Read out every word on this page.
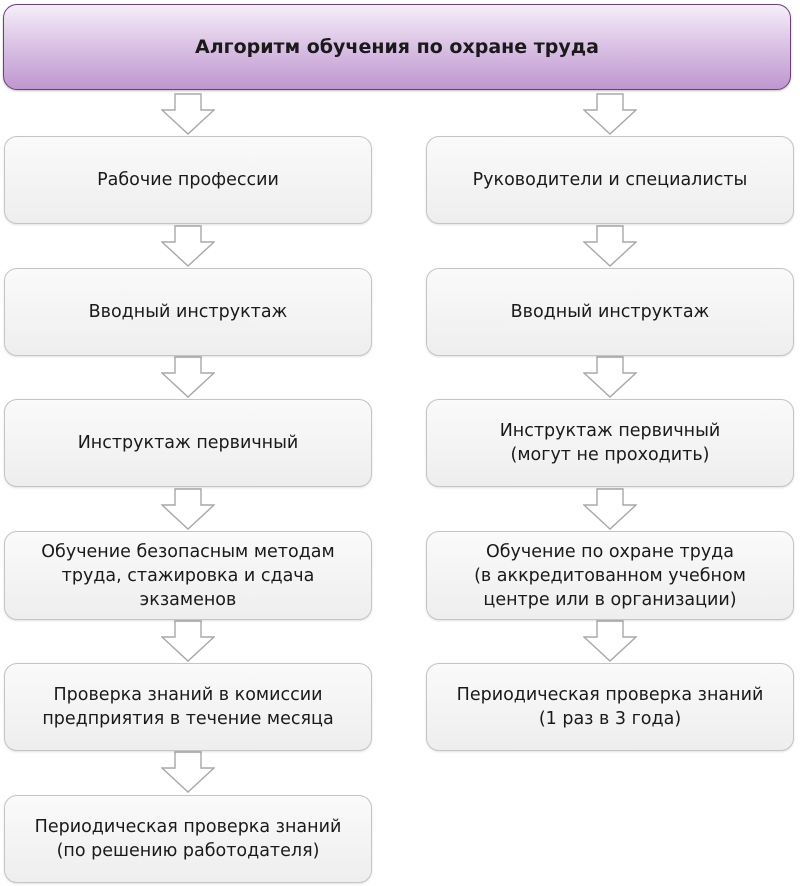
Алгоритм обучения по охране труда
Рабочие профессии
Вводный инструктаж
Инструктаж первичный
Обучение безопасным методам
труда, стажировка и сдача
экзаменов
Проверка знаний в комиссии
предприятия в течение месяца
Периодическая проверка знаний
(по решению работодателя)
Руководители и специалисты
Вводный инструктаж
Инструктаж первичный
(могут не проходить)
Обучение по охране труда
(в аккредитованном учебном
центре или в организации)
Периодическая проверка знаний
(1 раз в 3 года)
